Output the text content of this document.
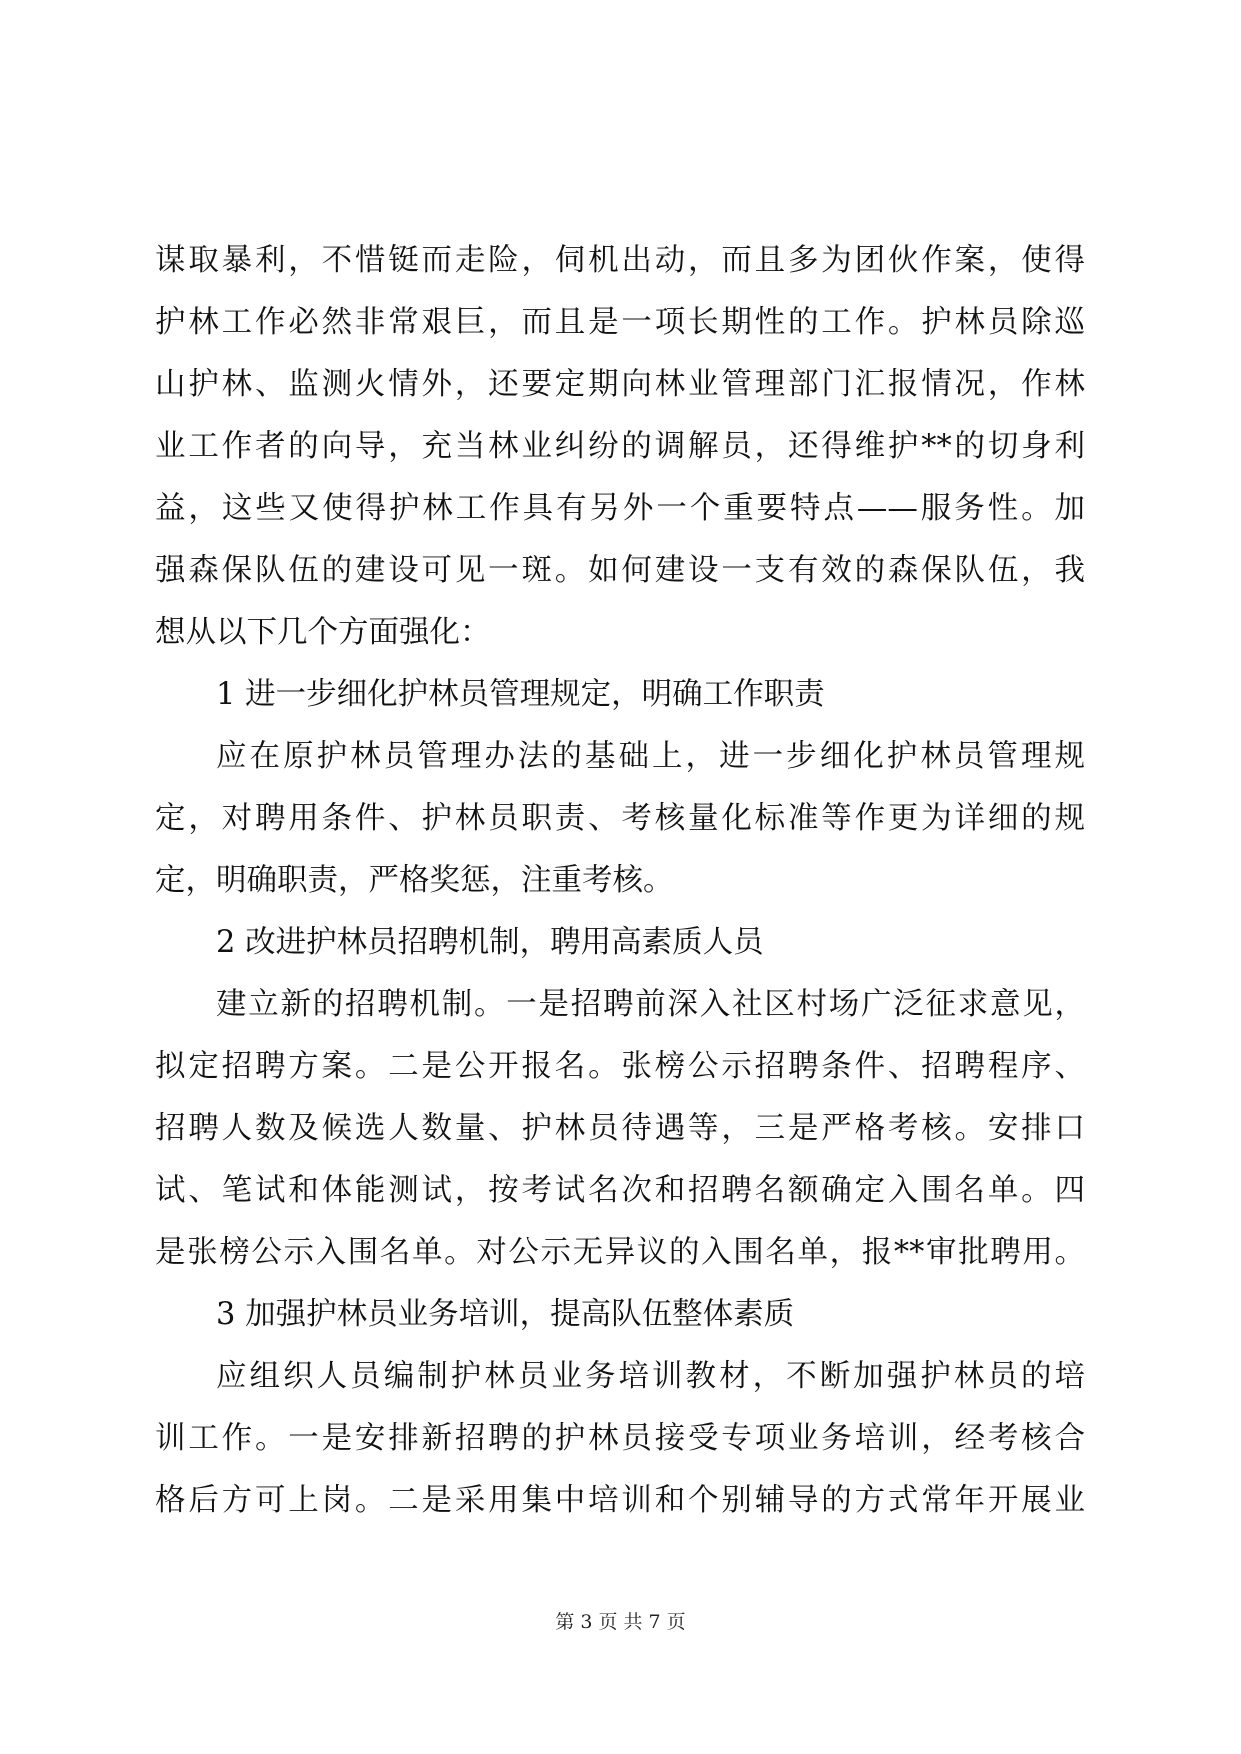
谋取暴利，不惜铤而走险，伺机出动，而且多为团伙作案，使得
护林工作必然非常艰巨，而且是一项长期性的工作。护林员除巡
山护林、监测火情外，还要定期向林业管理部门汇报情况，作林
业工作者的向导，充当林业纠纷的调解员，还得维护**的切身利
益，这些又使得护林工作具有另外一个重要特点——服务性。加
强森保队伍的建设可见一斑。如何建设一支有效的森保队伍，我
想从以下几个方面强化：
1 进一步细化护林员管理规定，明确工作职责
应在原护林员管理办法的基础上，进一步细化护林员管理规
定，对聘用条件、护林员职责、考核量化标准等作更为详细的规
定，明确职责，严格奖惩，注重考核。
2 改进护林员招聘机制，聘用高素质人员
建立新的招聘机制。一是招聘前深入社区村场广泛征求意见，
拟定招聘方案。二是公开报名。张榜公示招聘条件、招聘程序、
招聘人数及候选人数量、护林员待遇等，三是严格考核。安排口
试、笔试和体能测试，按考试名次和招聘名额确定入围名单。四
是张榜公示入围名单。对公示无异议的入围名单，报**审批聘用。
3 加强护林员业务培训，提高队伍整体素质
应组织人员编制护林员业务培训教材，不断加强护林员的培
训工作。一是安排新招聘的护林员接受专项业务培训，经考核合
格后方可上岗。二是采用集中培训和个别辅导的方式常年开展业
第 3 页 共 7 页
